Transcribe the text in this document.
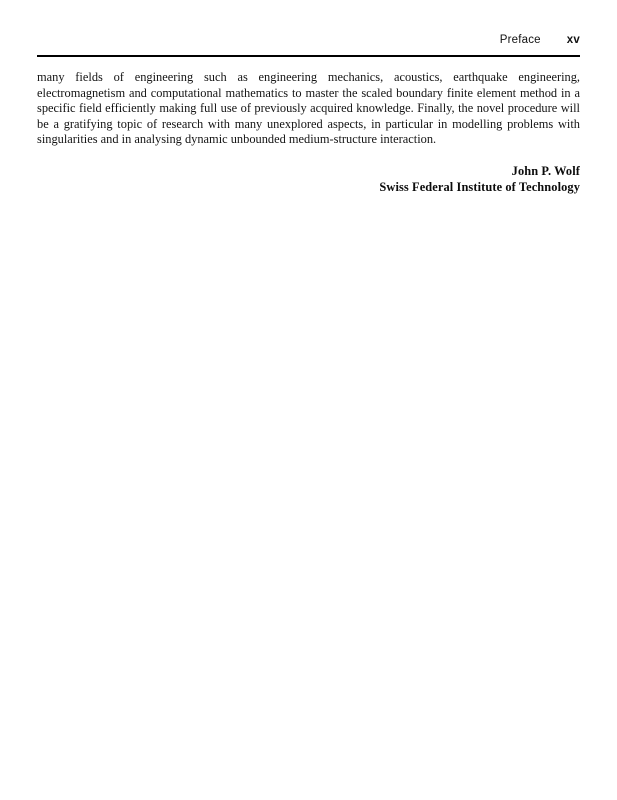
Preface xv

many fields of engineering such as engineering mechanics, acoustics, earthquake engineering, electromagnetism and computational mathematics to master the scaled boundary finite element method in a specific field efficiently making full use of previously acquired knowledge. Finally, the novel procedure will be a gratifying topic of research with many unexplored aspects, in particular in modelling problems with singularities and in analysing dynamic unbounded medium-structure interaction.

John P. Wolf
Swiss Federal Institute of Technology
